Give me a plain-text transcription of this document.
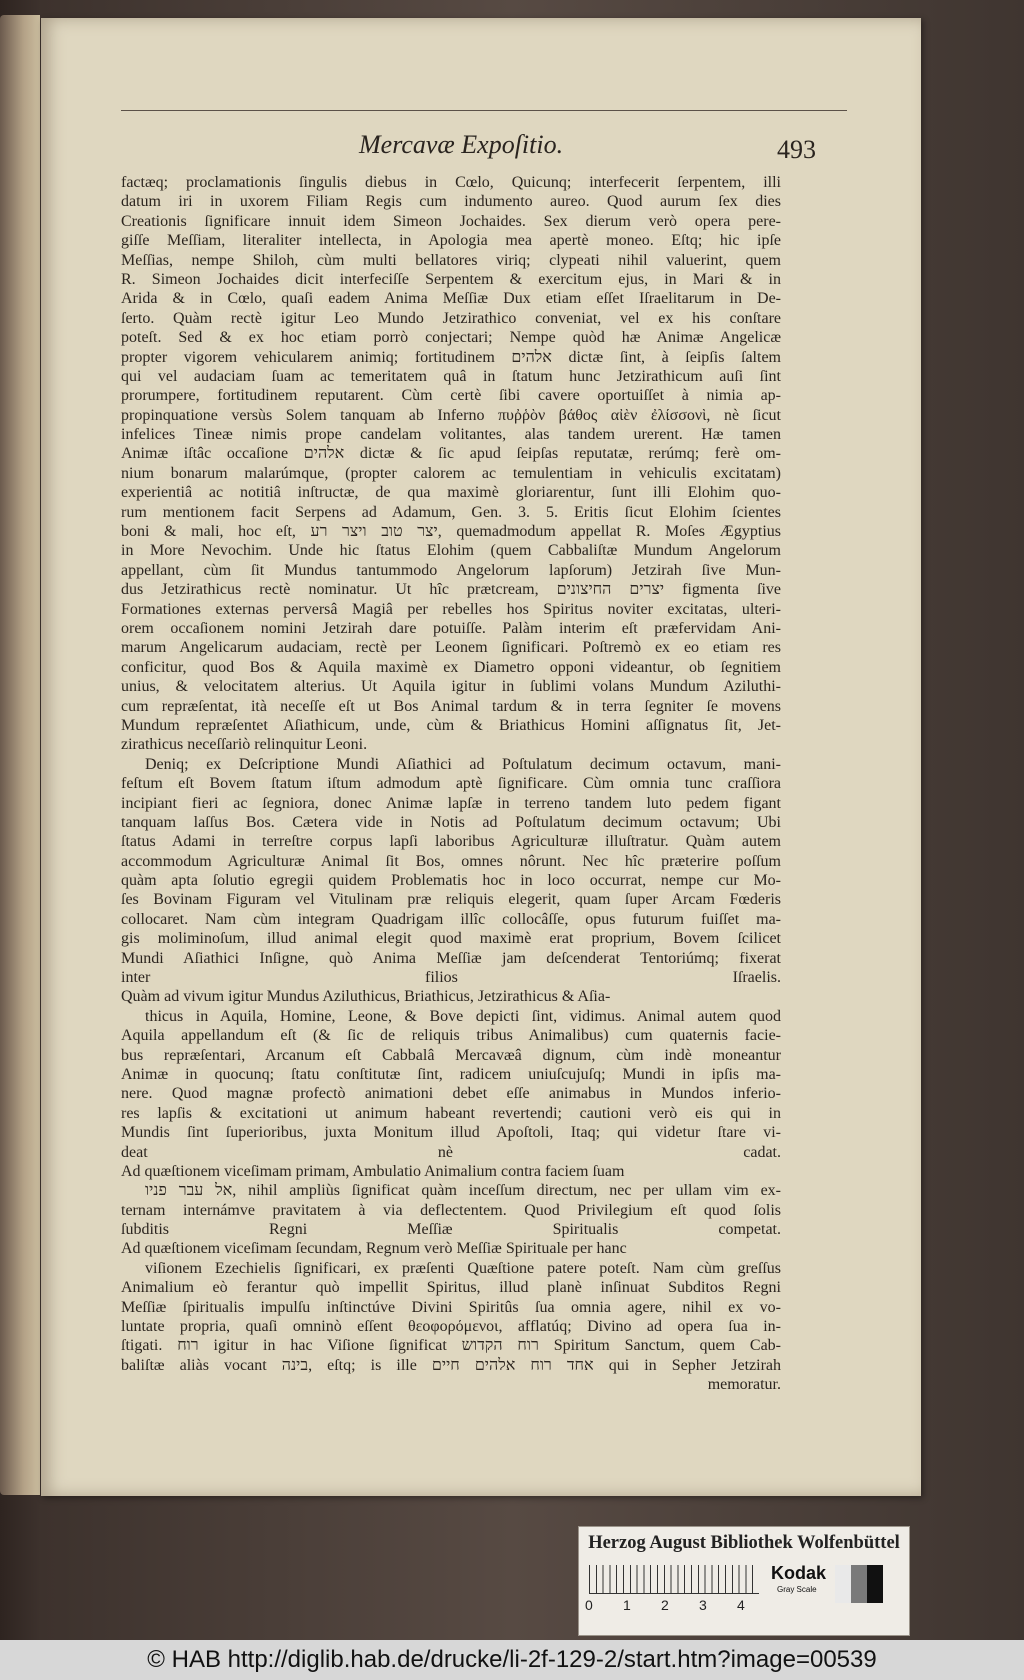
Mercavæ Expoſitio.	493
factæq; proclamationis ſingulis diebus in Cœlo, Quicunq; interfecerit ſerpentem, illi
datum iri in uxorem Filiam Regis cum indumento aureo. Quod aurum ſex dies
Creationis ſignificare innuit idem Simeon Jochaides. Sex dierum verò opera pere-
giſſe Meſſiam, literaliter intellecta, in Apologia mea apertè moneo. Eſtq; hic ipſe
Meſſias, nempe Shiloh, cùm multi bellatores viriq; clypeati nihil valuerint, quem
R. Simeon Jochaides dicit interfeciſſe Serpentem & exercitum ejus, in Mari & in
Arida & in Cœlo, quaſi eadem Anima Meſſiæ Dux etiam eſſet Iſraelitarum in De-
ſerto. Quàm rectè igitur Leo Mundo Jetzirathico conveniat, vel ex his conſtare
poteſt. Sed & ex hoc etiam porrò conjectari; Nempe quòd hæ Animæ Angelicæ
propter vigorem vehicularem animiq; fortitudinem אלהים dictæ ſint, à ſeipſis ſaltem
qui vel audaciam ſuam ac temeritatem quâ in ſtatum hunc Jetzirathicum auſi ſint
prorumpere, fortitudinem reputarent. Cùm certè ſibi cavere oportuiſſet à nimia ap-
propinquatione versùs Solem tanquam ab Inferno πυῤῥὸν βάθος αἰὲν ἐλίσσονὶ, nè ſicut
infelices Tineæ nimis prope candelam volitantes, alas tandem urerent. Hæ tamen
Animæ iſtâc occaſione אלהים dictæ & ſic apud ſeipſas reputatæ, rerúmq; ferè om-
nium bonarum malarúmque, (propter calorem ac temulentiam in vehiculis excitatam)
experientiâ ac notitiâ inſtructæ, de qua maximè gloriarentur, ſunt illi Elohim quo-
rum mentionem facit Serpens ad Adamum, Gen. 3. 5. Eritis ſicut Elohim ſcientes
boni & mali, hoc eſt, יצר טוב ויצר רע, quemadmodum appellat R. Moſes Ægyptius
in More Nevochim. Unde hic ſtatus Elohim (quem Cabbaliſtæ Mundum Angelorum
appellant, cùm ſit Mundus tantummodo Angelorum lapſorum) Jetzirah ſive Mun-
dus Jetzirathicus rectè nominatur. Ut hîc prætcream, יצרים החיצונים figmenta ſive
Formationes externas perversâ Magiâ per rebelles hos Spiritus noviter excitatas, ulteri-
orem occaſionem nomini Jetzirah dare potuiſſe. Palàm interim eſt præfervidam Ani-
marum Angelicarum audaciam, rectè per Leonem ſignificari. Poſtremò ex eo etiam res
conficitur, quod Bos & Aquila maximè ex Diametro opponi videantur, ob ſegnitiem
unius, & velocitatem alterius. Ut Aquila igitur in ſublimi volans Mundum Aziluthi-
cum repræſentat, ità neceſſe eſt ut Bos Animal tardum & in terra ſegniter ſe movens
Mundum repræſentet Aſiathicum, unde, cùm & Briathicus Homini aſſignatus ſit, Jet-
zirathicus neceſſariò relinquitur Leoni.
Deniq; ex Deſcriptione Mundi Aſiathici ad Poſtulatum decimum octavum, mani-
feſtum eſt Bovem ſtatum iſtum admodum aptè ſignificare. Cùm omnia tunc craſſiora
incipiant fieri ac ſegniora, donec Animæ lapſæ in terreno tandem luto pedem figant
tanquam laſſus Bos. Cætera vide in Notis ad Poſtulatum decimum octavum; Ubi
ſtatus Adami in terreſtre corpus lapſi laboribus Agriculturæ illuſtratur. Quàm autem
accommodum Agriculturæ Animal ſit Bos, omnes nôrunt. Nec hîc præterire poſſum
quàm apta ſolutio egregii quidem Problematis hoc in loco occurrat, nempe cur Mo-
ſes Bovinam Figuram vel Vitulinam præ reliquis elegerit, quam ſuper Arcam Fœderis
collocaret. Nam cùm integram Quadrigam illîc collocâſſe, opus futurum fuiſſet ma-
gis moliminoſum, illud animal elegit quod maximè erat proprium, Bovem ſcilicet
Mundi Aſiathici Inſigne, quò Anima Meſſiæ jam deſcenderat Tentoriúmq; fixerat
inter filios Iſraelis.
Quàm ad vivum igitur Mundus Aziluthicus, Briathicus, Jetzirathicus & Aſia-
thicus in Aquila, Homine, Leone, & Bove depicti ſint, vidimus. Animal autem quod
Aquila appellandum eſt (& ſic de reliquis tribus Animalibus) cum quaternis facie-
bus repræſentari, Arcanum eſt Cabbalâ Mercavæâ dignum, cùm indè moneantur
Animæ in quocunq; ſtatu conſtitutæ ſint, radicem uniuſcujuſq; Mundi in ipſis ma-
nere. Quod magnæ profectò animationi debet eſſe animabus in Mundos inferio-
res lapſis & excitationi ut animum habeant revertendi; cautioni verò eis qui in
Mundis ſint ſuperioribus, juxta Monitum illud Apoſtoli, Itaq; qui videtur ſtare vi-
deat nè cadat.
Ad quæſtionem viceſimam primam, Ambulatio Animalium contra faciem ſuam
אל עבר פניו, nihil ampliùs ſignificat quàm inceſſum directum, nec per ullam vim ex-
ternam internámve pravitatem à via deflectentem. Quod Privilegium eſt quod ſolis
ſubditis Regni Meſſiæ Spiritualis competat.
Ad quæſtionem viceſimam ſecundam, Regnum verò Meſſiæ Spirituale per hanc
viſionem Ezechielis ſignificari, ex præſenti Quæſtione patere poteſt. Nam cùm greſſus
Animalium eò ferantur quò impellit Spiritus, illud planè inſinuat Subditos Regni
Meſſiæ ſpiritualis impulſu inſtinctúve Divini Spiritûs ſua omnia agere, nihil ex vo-
luntate propria, quaſi omninò eſſent θεοφορόμενοι, afflatúq; Divino ad opera ſua in-
ſtigati. רוח igitur in hac Viſione ſignificat רוח הקדוש Spiritum Sanctum, quem Cab-
baliſtæ aliàs vocant בינה, eſtq; is ille אחד רוח אלהים חיים qui in Sepher Jetzirah
memoratur.
Herzog August Bibliothek Wolfenbüttel
0 1 2 3 4
Kodak
Gray Scale
© HAB http://diglib.hab.de/drucke/li-2f-129-2/start.htm?image=00539
